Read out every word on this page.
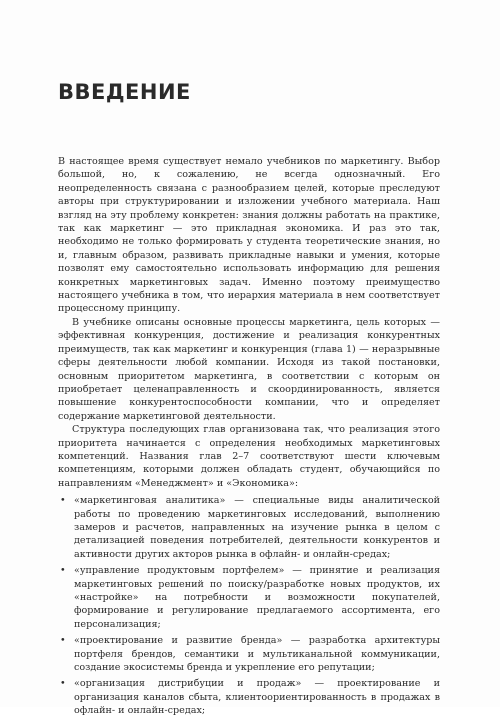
ВВЕДЕНИЕ

В настоящее время существует немало учебников по маркетингу. Выбор большой, но, к сожалению, не всегда однозначный. Его неопределенность связана с разнообразием целей, которые преследуют авторы при структурировании и изложении учебного материала. Наш взгляд на эту проблему конкретен: знания должны работать на практике, так как маркетинг — это прикладная экономика. И раз это так, необходимо не только формировать у студента теоретические знания, но и, главным образом, развивать прикладные навыки и умения, которые позволят ему самостоятельно использовать информацию для решения конкретных маркетинговых задач. Именно поэтому преимущество настоящего учебника в том, что иерархия материала в нем соответствует процессному принципу.

В учебнике описаны основные процессы маркетинга, цель которых — эффективная конкуренция, достижение и реализация конкурентных преимуществ, так как маркетинг и конкуренция (глава 1) — неразрывные сферы деятельности любой компании. Исходя из такой постановки, основным приоритетом маркетинга, в соответствии с которым он приобретает целенаправленность и скоординированность, является повышение конкурентоспособности компании, что и определяет содержание маркетинговой деятельности.

Структура последующих глав организована так, что реализация этого приоритета начинается с определения необходимых маркетинговых компетенций. Названия глав 2–7 соответствуют шести ключевым компетенциям, которыми должен обладать студент, обучающийся по направлениям «Менеджмент» и «Экономика»:

• «маркетинговая аналитика» — специальные виды аналитической работы по проведению маркетинговых исследований, выполнению замеров и расчетов, направленных на изучение рынка в целом с детализацией поведения потребителей, деятельности конкурентов и активности других акторов рынка в офлайн- и онлайн-средах;
• «управление продуктовым портфелем» — принятие и реализация маркетинговых решений по поиску/разработке новых продуктов, их «настройке» на потребности и возможности покупателей, формирование и регулирование предлагаемого ассортимента, его персонализация;
• «проектирование и развитие бренда» — разработка архитектуры портфеля брендов, семантики и мультиканальной коммуникации, создание экосистемы бренда и укрепление его репутации;
• «организация дистрибуции и продаж» — проектирование и организация каналов сбыта, клиентоориентированность в продажах в офлайн- и онлайн-средах;
